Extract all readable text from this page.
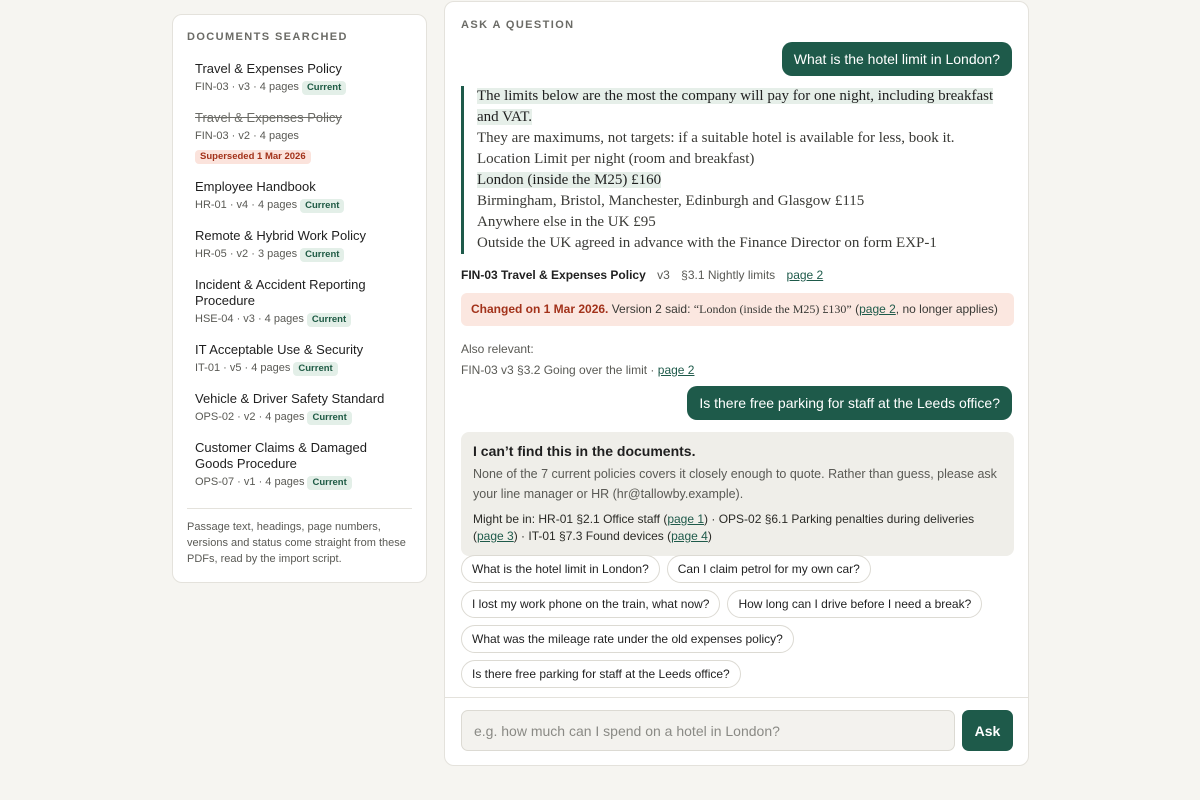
DOCUMENTS SEARCHED
Travel & Expenses Policy
FIN-03 · v3 · 4 pages Current
Travel & Expenses Policy
FIN-03 · v2 · 4 pages
Superseded 1 Mar 2026
Employee Handbook
HR-01 · v4 · 4 pages Current
Remote & Hybrid Work Policy
HR-05 · v2 · 3 pages Current
Incident & Accident Reporting Procedure
HSE-04 · v3 · 4 pages Current
IT Acceptable Use & Security
IT-01 · v5 · 4 pages Current
Vehicle & Driver Safety Standard
OPS-02 · v2 · 4 pages Current
Customer Claims & Damaged Goods Procedure
OPS-07 · v1 · 4 pages Current
Passage text, headings, page numbers, versions and status come straight from these PDFs, read by the import script.
ASK A QUESTION
What is the hotel limit in London?
The limits below are the most the company will pay for one night, including breakfast and VAT.
They are maximums, not targets: if a suitable hotel is available for less, book it.
Location Limit per night (room and breakfast)
London (inside the M25) £160
Birmingham, Bristol, Manchester, Edinburgh and Glasgow £115
Anywhere else in the UK £95
Outside the UK agreed in advance with the Finance Director on form EXP-1
FIN-03 Travel & Expenses Policy v3 §3.1 Nightly limits page 2
Changed on 1 Mar 2026. Version 2 said: “London (inside the M25) £130” (page 2, no longer applies)
Also relevant:
FIN-03 v3 §3.2 Going over the limit · page 2
Is there free parking for staff at the Leeds office?
I can’t find this in the documents.
None of the 7 current policies covers it closely enough to quote. Rather than guess, please ask your line manager or HR (hr@tallowby.example).
Might be in: HR-01 §2.1 Office staff (page 1) · OPS-02 §6.1 Parking penalties during deliveries (page 3) · IT-01 §7.3 Found devices (page 4)
What is the hotel limit in London?	Can I claim petrol for my own car?
I lost my work phone on the train, what now?	How long can I drive before I need a break?
What was the mileage rate under the old expenses policy?
Is there free parking for staff at the Leeds office?
e.g. how much can I spend on a hotel in London?
Ask
